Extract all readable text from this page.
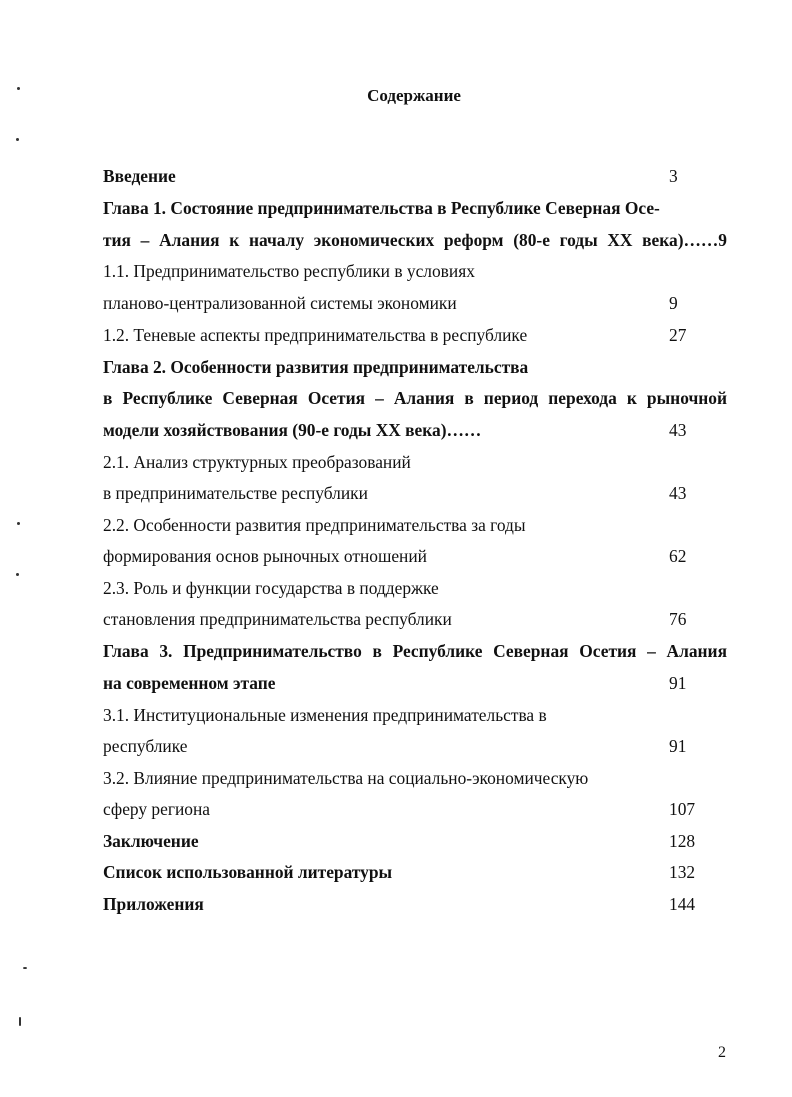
Содержание
Введение	3
Глава 1. Состояние предпринимательства в Республике Северная Осе-
тия – Алания к началу экономических реформ (80-е годы ХХ века)……9
1.1. Предпринимательство республики в условиях
планово-централизованной системы экономики	9
1.2. Теневые аспекты предпринимательства в республике	27
Глава 2. Особенности развития предпринимательства
в Республике Северная Осетия – Алания в период перехода к рыночной
модели хозяйствования (90-е годы ХХ века)……	43
2.1. Анализ структурных преобразований
в предпринимательстве республики	43
2.2. Особенности развития предпринимательства за годы
формирования основ рыночных отношений	62
2.3. Роль и функции государства в поддержке
становления предпринимательства республики	76
Глава 3. Предпринимательство в Республике Северная Осетия – Алания
на современном этапе	91
3.1. Институциональные изменения предпринимательства в
республике	91
3.2. Влияние предпринимательства на социально-экономическую
сферу региона	107
Заключение	128
Список использованной литературы	132
Приложения	144
2
